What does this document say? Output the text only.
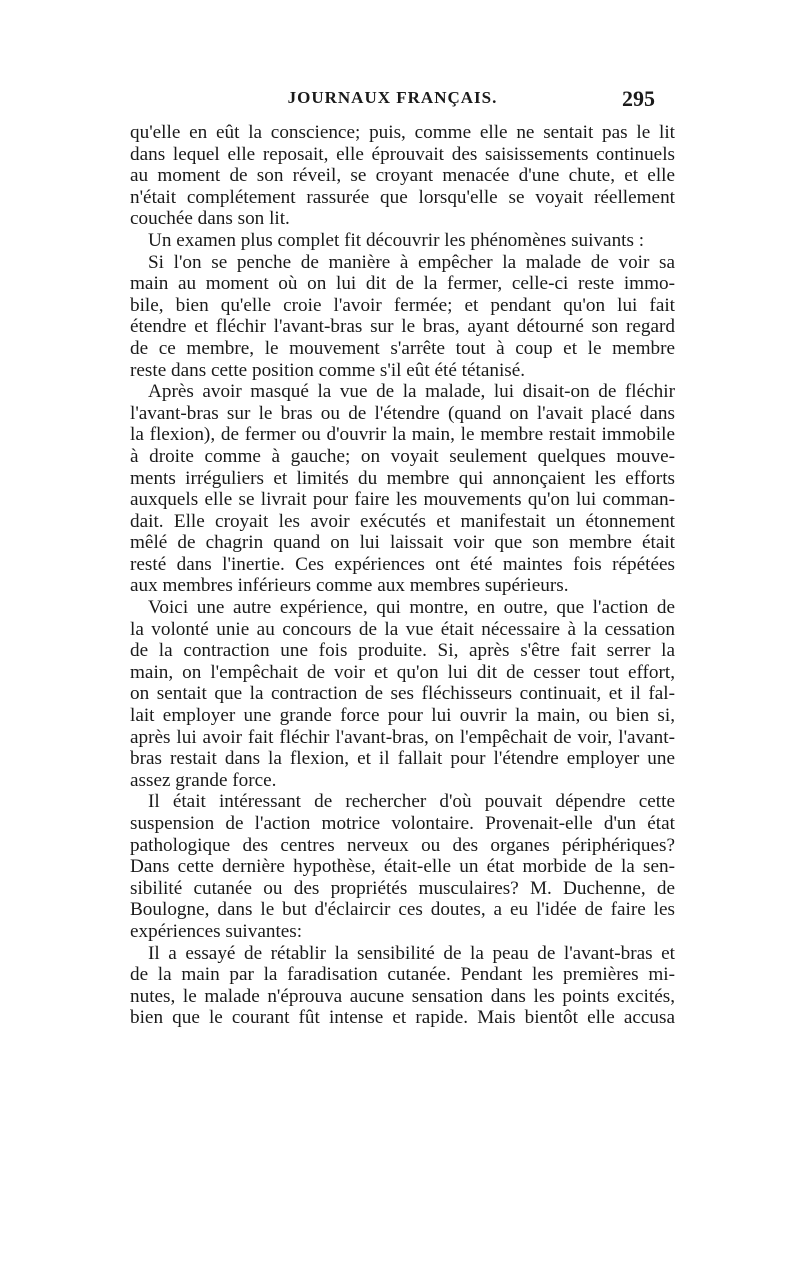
JOURNAUX FRANÇAIS.	295
qu'elle en eût la conscience; puis, comme elle ne sentait pas le lit
dans lequel elle reposait, elle éprouvait des saisissements continuels
au moment de son réveil, se croyant menacée d'une chute, et elle
n'était complétement rassurée que lorsqu'elle se voyait réellement
couchée dans son lit.
Un examen plus complet fit découvrir les phénomènes suivants :
Si l'on se penche de manière à empêcher la malade de voir sa
main au moment où on lui dit de la fermer, celle-ci reste immo-
bile, bien qu'elle croie l'avoir fermée; et pendant qu'on lui fait
étendre et fléchir l'avant-bras sur le bras, ayant détourné son regard
de ce membre, le mouvement s'arrête tout à coup et le membre
reste dans cette position comme s'il eût été tétanisé.
Après avoir masqué la vue de la malade, lui disait-on de fléchir
l'avant-bras sur le bras ou de l'étendre (quand on l'avait placé dans
la flexion), de fermer ou d'ouvrir la main, le membre restait immobile
à droite comme à gauche; on voyait seulement quelques mouve-
ments irréguliers et limités du membre qui annonçaient les efforts
auxquels elle se livrait pour faire les mouvements qu'on lui comman-
dait. Elle croyait les avoir exécutés et manifestait un étonnement
mêlé de chagrin quand on lui laissait voir que son membre était
resté dans l'inertie. Ces expériences ont été maintes fois répétées
aux membres inférieurs comme aux membres supérieurs.
Voici une autre expérience, qui montre, en outre, que l'action de
la volonté unie au concours de la vue était nécessaire à la cessation
de la contraction une fois produite. Si, après s'être fait serrer la
main, on l'empêchait de voir et qu'on lui dit de cesser tout effort,
on sentait que la contraction de ses fléchisseurs continuait, et il fal-
lait employer une grande force pour lui ouvrir la main, ou bien si,
après lui avoir fait fléchir l'avant-bras, on l'empêchait de voir, l'avant-
bras restait dans la flexion, et il fallait pour l'étendre employer une
assez grande force.
Il était intéressant de rechercher d'où pouvait dépendre cette
suspension de l'action motrice volontaire. Provenait-elle d'un état
pathologique des centres nerveux ou des organes périphériques?
Dans cette dernière hypothèse, était-elle un état morbide de la sen-
sibilité cutanée ou des propriétés musculaires? M. Duchenne, de
Boulogne, dans le but d'éclaircir ces doutes, a eu l'idée de faire les
expériences suivantes:
Il a essayé de rétablir la sensibilité de la peau de l'avant-bras et
de la main par la faradisation cutanée. Pendant les premières mi-
nutes, le malade n'éprouva aucune sensation dans les points excités,
bien que le courant fût intense et rapide. Mais bientôt elle accusa
